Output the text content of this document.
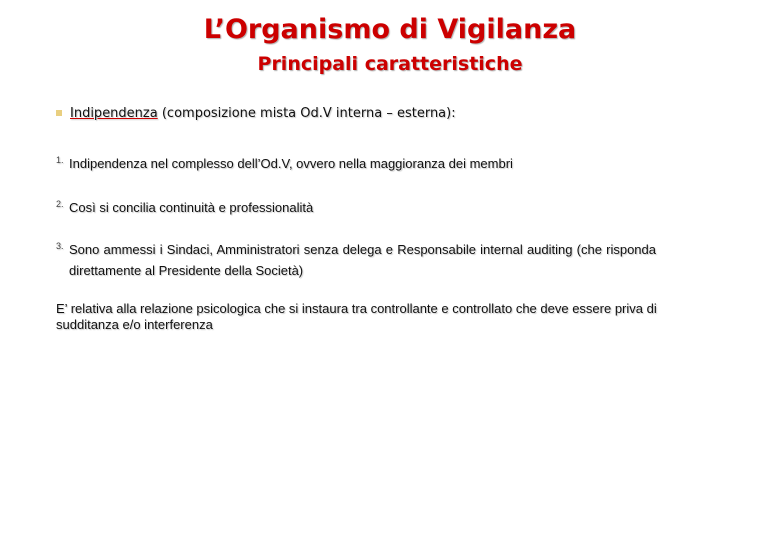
L’Organismo di Vigilanza
Principali caratteristiche
Indipendenza (composizione mista Od.V interna – esterna):
1. Indipendenza nel complesso dell’Od.V, ovvero nella maggioranza dei membri
2. Così si concilia continuità e professionalità
3. Sono ammessi i Sindaci, Amministratori senza delega e Responsabile internal auditing (che risponda direttamente al Presidente della Società)
E’ relativa alla relazione psicologica che si instaura tra controllante e controllato che deve essere priva di sudditanza e/o interferenza
